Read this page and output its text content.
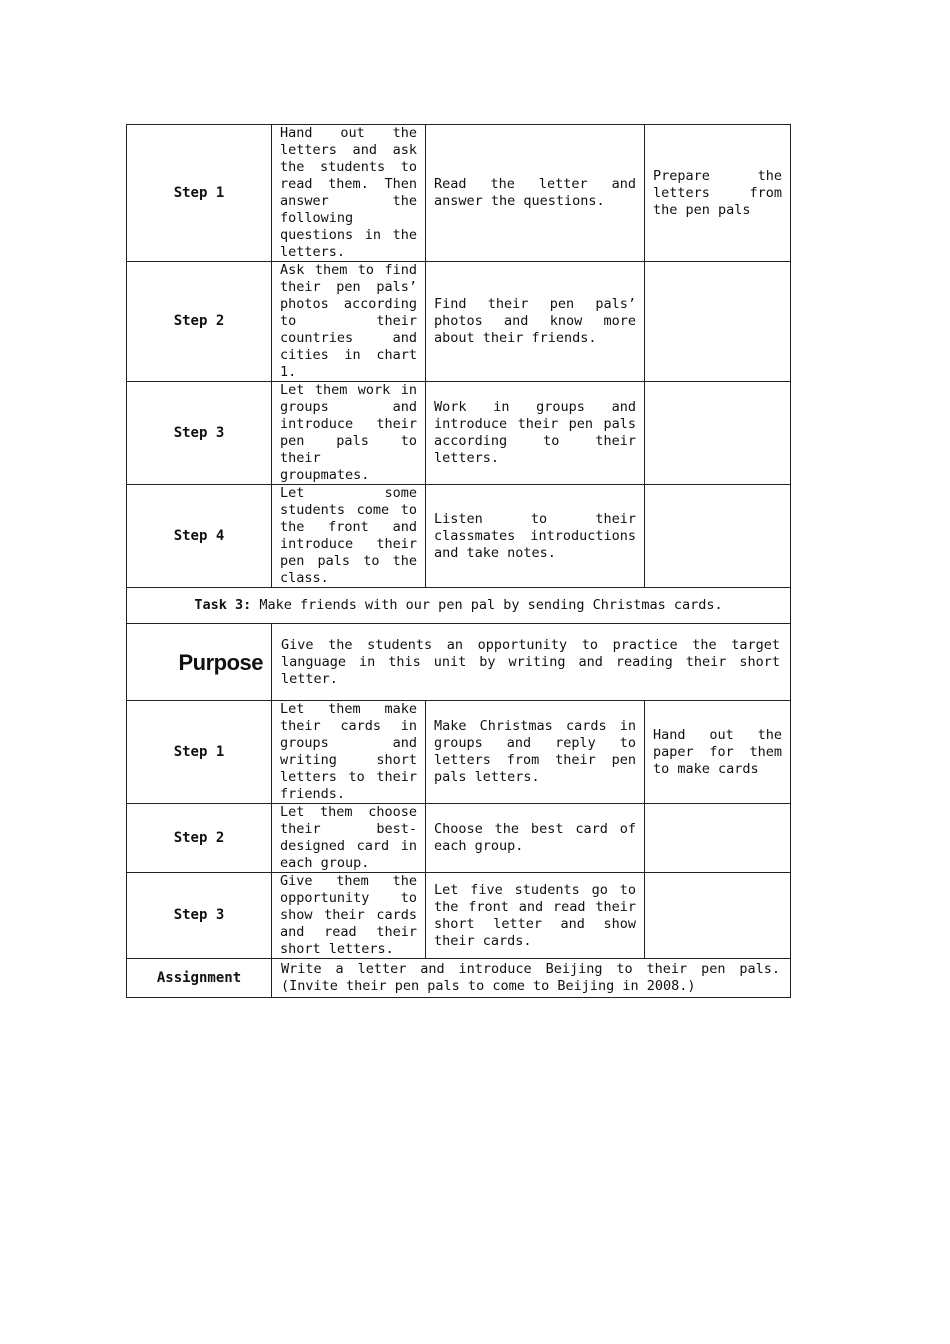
Step 1	Hand out the letters and ask the students to read them. Then answer the following questions in the letters.	Read the letter and answer the questions.	Prepare the letters from the pen pals
Step 2	Ask them to find their pen pals’ photos according to their countries and cities in chart 1.	Find their pen pals’ photos and know more about their friends.	
Step 3	Let them work in groups and introduce their pen pals to their groupmates.	Work in groups and introduce their pen pals according to their letters.	
Step 4	Let some students come to the front and introduce their pen pals to the class.	Listen to their classmates introductions and take notes.	
Task 3: Make friends with our pen pal by sending Christmas cards.			

Purpose	Give the students an opportunity to practice the target language in this unit by writing and reading their short letter.		
Step 1	Let them make their cards in groups and writing short letters to their friends.	Make Christmas cards in groups and reply to letters from their pen pals letters.	Hand out the paper for them to make cards
Step 2	Let them choose their best-designed card in each group.	Choose the best card of each group.	
Step 3	Give them the opportunity to show their cards and read their short letters.	Let five students go to the front and read their short letter and show their cards.	
Assignment	Write a letter and introduce Beijing to their pen pals. (Invite their pen pals to come to Beijing in 2008.)		
